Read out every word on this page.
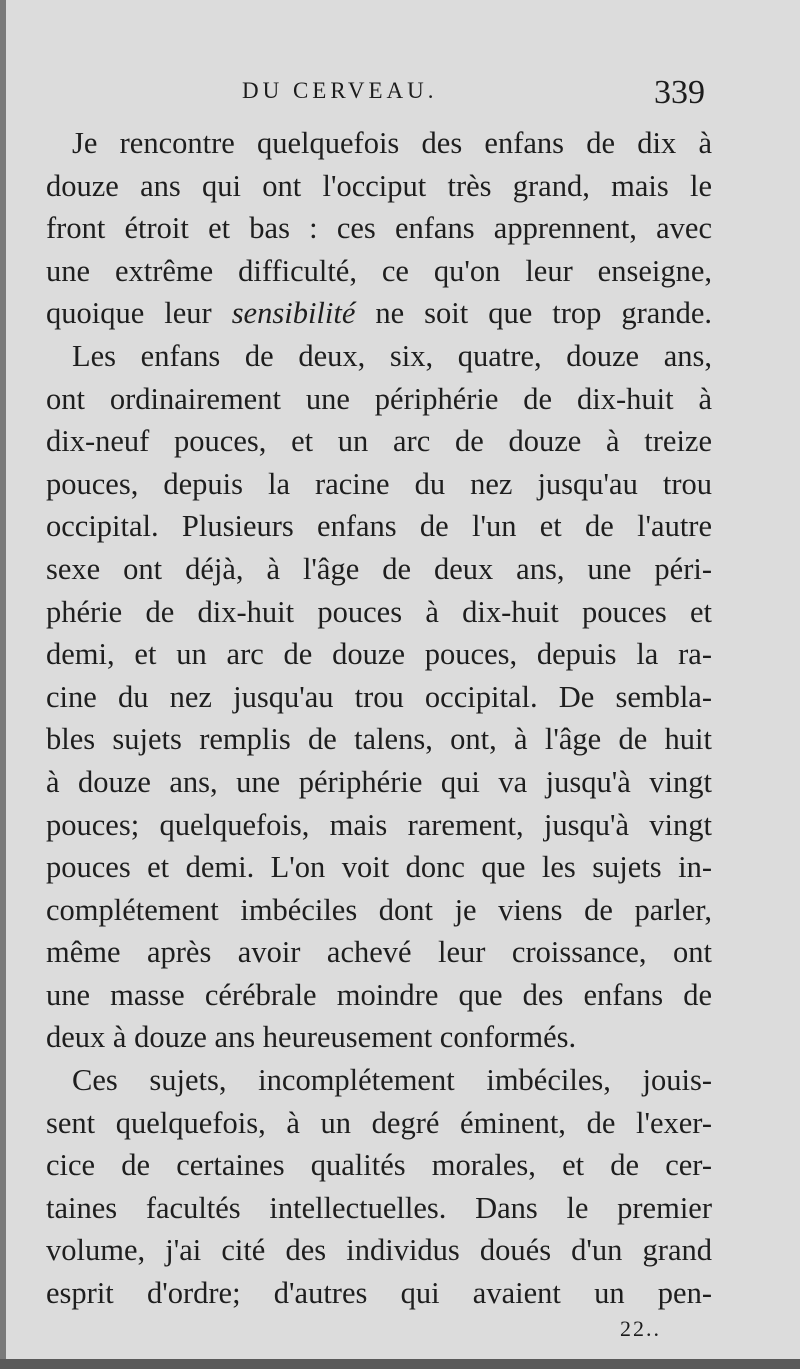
DU CERVEAU.	339

Je rencontre quelquefois des enfans de dix à
douze ans qui ont l'occiput très grand, mais le
front étroit et bas : ces enfans apprennent, avec
une extrême difficulté, ce qu'on leur enseigne,
quoique leur sensibilité ne soit que trop grande.

Les enfans de deux, six, quatre, douze ans,
ont ordinairement une périphérie de dix-huit à
dix-neuf pouces, et un arc de douze à treize
pouces, depuis la racine du nez jusqu'au trou
occipital. Plusieurs enfans de l'un et de l'autre
sexe ont déjà, à l'âge de deux ans, une péri-
phérie de dix-huit pouces à dix-huit pouces et
demi, et un arc de douze pouces, depuis la ra-
cine du nez jusqu'au trou occipital. De sembla-
bles sujets remplis de talens, ont, à l'âge de huit
à douze ans, une périphérie qui va jusqu'à vingt
pouces; quelquefois, mais rarement, jusqu'à vingt
pouces et demi. L'on voit donc que les sujets in-
complétement imbéciles dont je viens de parler,
même après avoir achevé leur croissance, ont
une masse cérébrale moindre que des enfans de
deux à douze ans heureusement conformés.

Ces sujets, incomplétement imbéciles, jouis-
sent quelquefois, à un degré éminent, de l'exer-
cice de certaines qualités morales, et de cer-
taines facultés intellectuelles. Dans le premier
volume, j'ai cité des individus doués d'un grand
esprit d'ordre; d'autres qui avaient un pen-

22..
